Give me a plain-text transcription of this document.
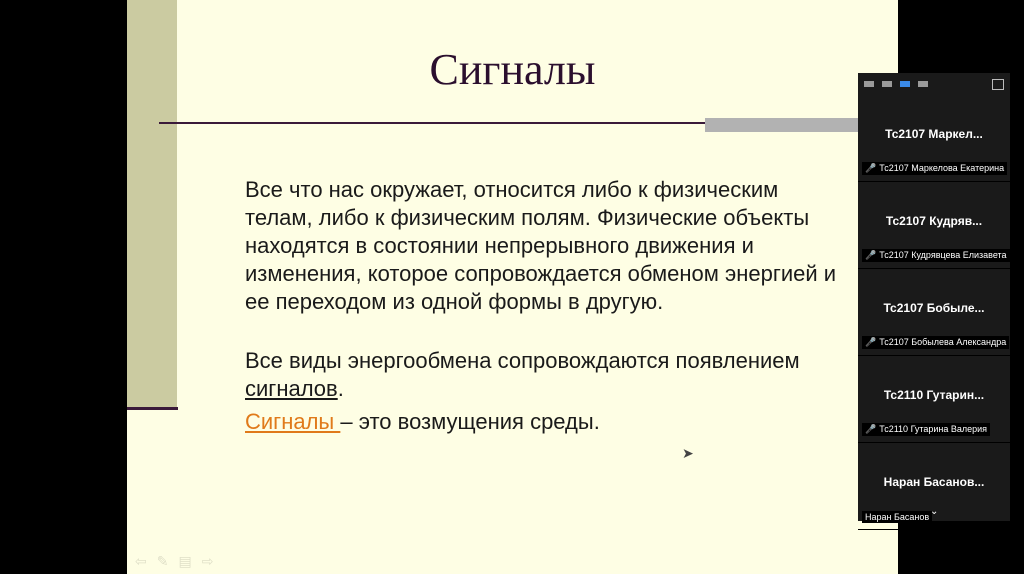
Сигналы
Все что нас окружает, относится либо к физическим телам, либо к физическим полям. Физические объекты находятся в состоянии непрерывного движения и изменения, которое сопровождается обменом энергией и ее переходом из одной формы в другую.
Все виды энергообмена сопровождаются появлением сигналов.
Сигналы – это возмущения среды.
⇦ ✎ ▤ ⇨
➤
Тс2107 Маркел...
🎤 Тс2107 Маркелова Екатерина
Тс2107 Кудряв...
🎤 Тс2107 Кудрявцева Елизавета
Тс2107 Бобыле...
🎤 Тс2107 Бобылева Александра
Тс2110 Гутарин...
🎤 Тс2110 Гутарина Валерия
Наран Басанов...
Наран Басанов ⌄
